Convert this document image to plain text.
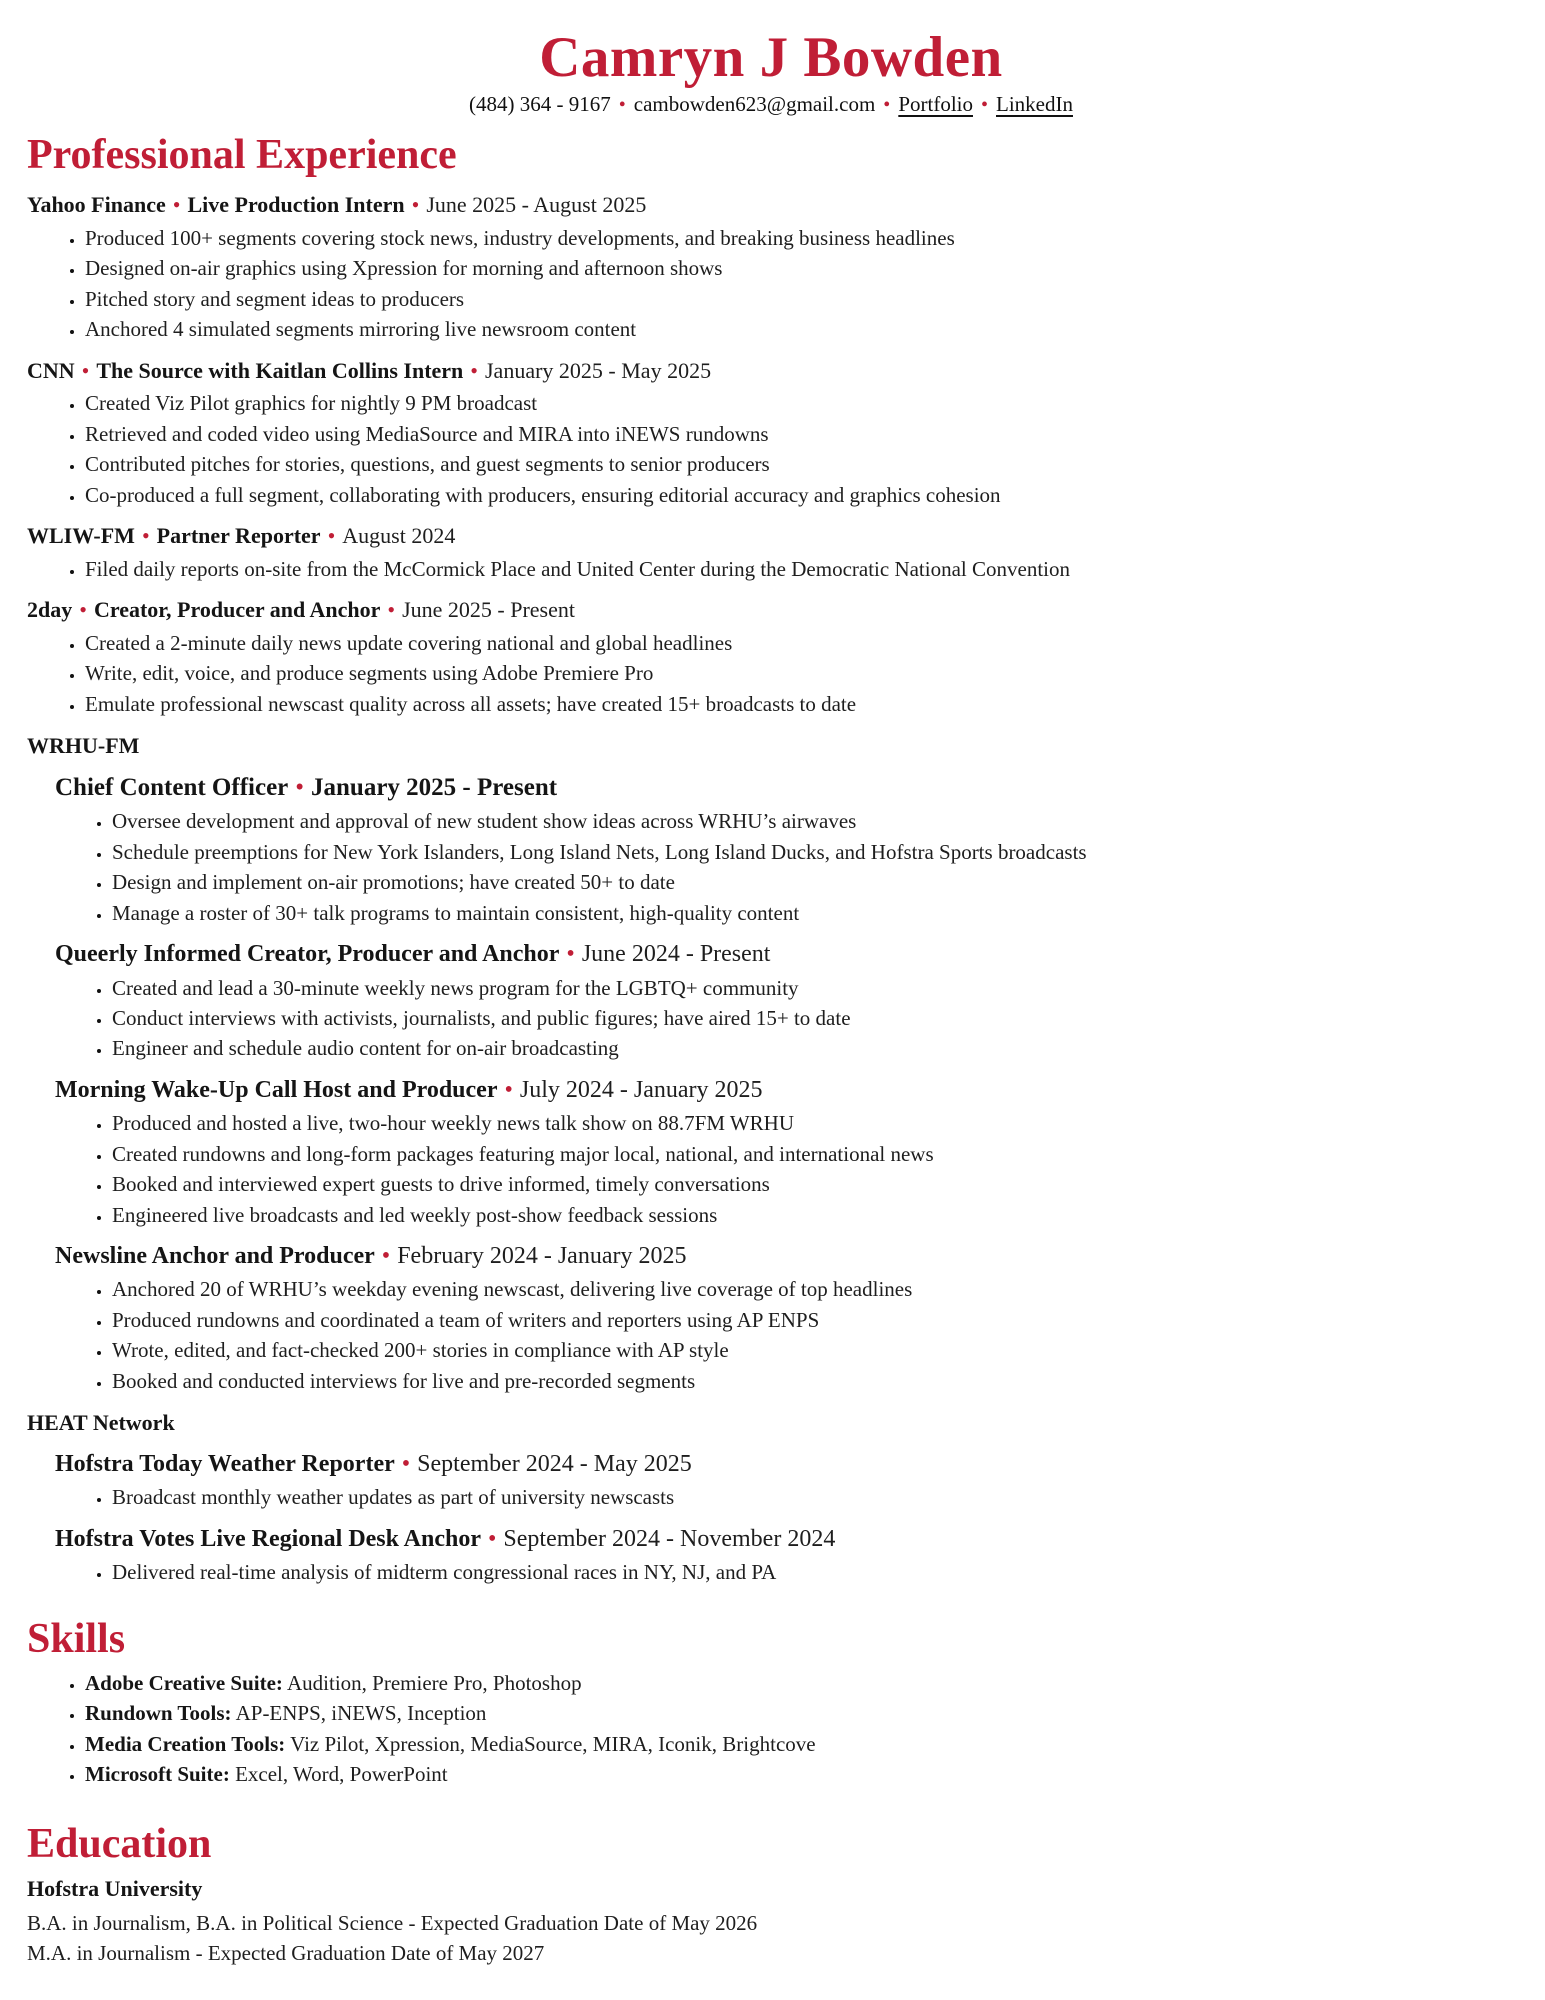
Camryn J Bowden
(484) 364 - 9167 • cambowden623@gmail.com • Portfolio • LinkedIn
Professional Experience
Yahoo Finance • Live Production Intern • June 2025 - August 2025
• Produced 100+ segments covering stock news, industry developments, and breaking business headlines
• Designed on-air graphics using Xpression for morning and afternoon shows
• Pitched story and segment ideas to producers
• Anchored 4 simulated segments mirroring live newsroom content
CNN • The Source with Kaitlan Collins Intern • January 2025 - May 2025
• Created Viz Pilot graphics for nightly 9 PM broadcast
• Retrieved and coded video using MediaSource and MIRA into iNEWS rundowns
• Contributed pitches for stories, questions, and guest segments to senior producers
• Co-produced a full segment, collaborating with producers, ensuring editorial accuracy and graphics cohesion
WLIW-FM • Partner Reporter • August 2024
• Filed daily reports on-site from the McCormick Place and United Center during the Democratic National Convention
2day • Creator, Producer and Anchor • June 2025 - Present
• Created a 2-minute daily news update covering national and global headlines
• Write, edit, voice, and produce segments using Adobe Premiere Pro
• Emulate professional newscast quality across all assets; have created 15+ broadcasts to date
WRHU-FM
Chief Content Officer • January 2025 - Present
• Oversee development and approval of new student show ideas across WRHU’s airwaves
• Schedule preemptions for New York Islanders, Long Island Nets, Long Island Ducks, and Hofstra Sports broadcasts
• Design and implement on-air promotions; have created 50+ to date
• Manage a roster of 30+ talk programs to maintain consistent, high-quality content
Queerly Informed Creator, Producer and Anchor • June 2024 - Present
• Created and lead a 30-minute weekly news program for the LGBTQ+ community
• Conduct interviews with activists, journalists, and public figures; have aired 15+ to date
• Engineer and schedule audio content for on-air broadcasting
Morning Wake-Up Call Host and Producer • July 2024 - January 2025
• Produced and hosted a live, two-hour weekly news talk show on 88.7FM WRHU
• Created rundowns and long-form packages featuring major local, national, and international news
• Booked and interviewed expert guests to drive informed, timely conversations
• Engineered live broadcasts and led weekly post-show feedback sessions
Newsline Anchor and Producer • February 2024 - January 2025
• Anchored 20 of WRHU’s weekday evening newscast, delivering live coverage of top headlines
• Produced rundowns and coordinated a team of writers and reporters using AP ENPS
• Wrote, edited, and fact-checked 200+ stories in compliance with AP style
• Booked and conducted interviews for live and pre-recorded segments
HEAT Network
Hofstra Today Weather Reporter • September 2024 - May 2025
• Broadcast monthly weather updates as part of university newscasts
Hofstra Votes Live Regional Desk Anchor • September 2024 - November 2024
• Delivered real-time analysis of midterm congressional races in NY, NJ, and PA
Skills
• Adobe Creative Suite: Audition, Premiere Pro, Photoshop
• Rundown Tools: AP-ENPS, iNEWS, Inception
• Media Creation Tools: Viz Pilot, Xpression, MediaSource, MIRA, Iconik, Brightcove
• Microsoft Suite: Excel, Word, PowerPoint
Education
Hofstra University
B.A. in Journalism, B.A. in Political Science - Expected Graduation Date of May 2026
M.A. in Journalism - Expected Graduation Date of May 2027
